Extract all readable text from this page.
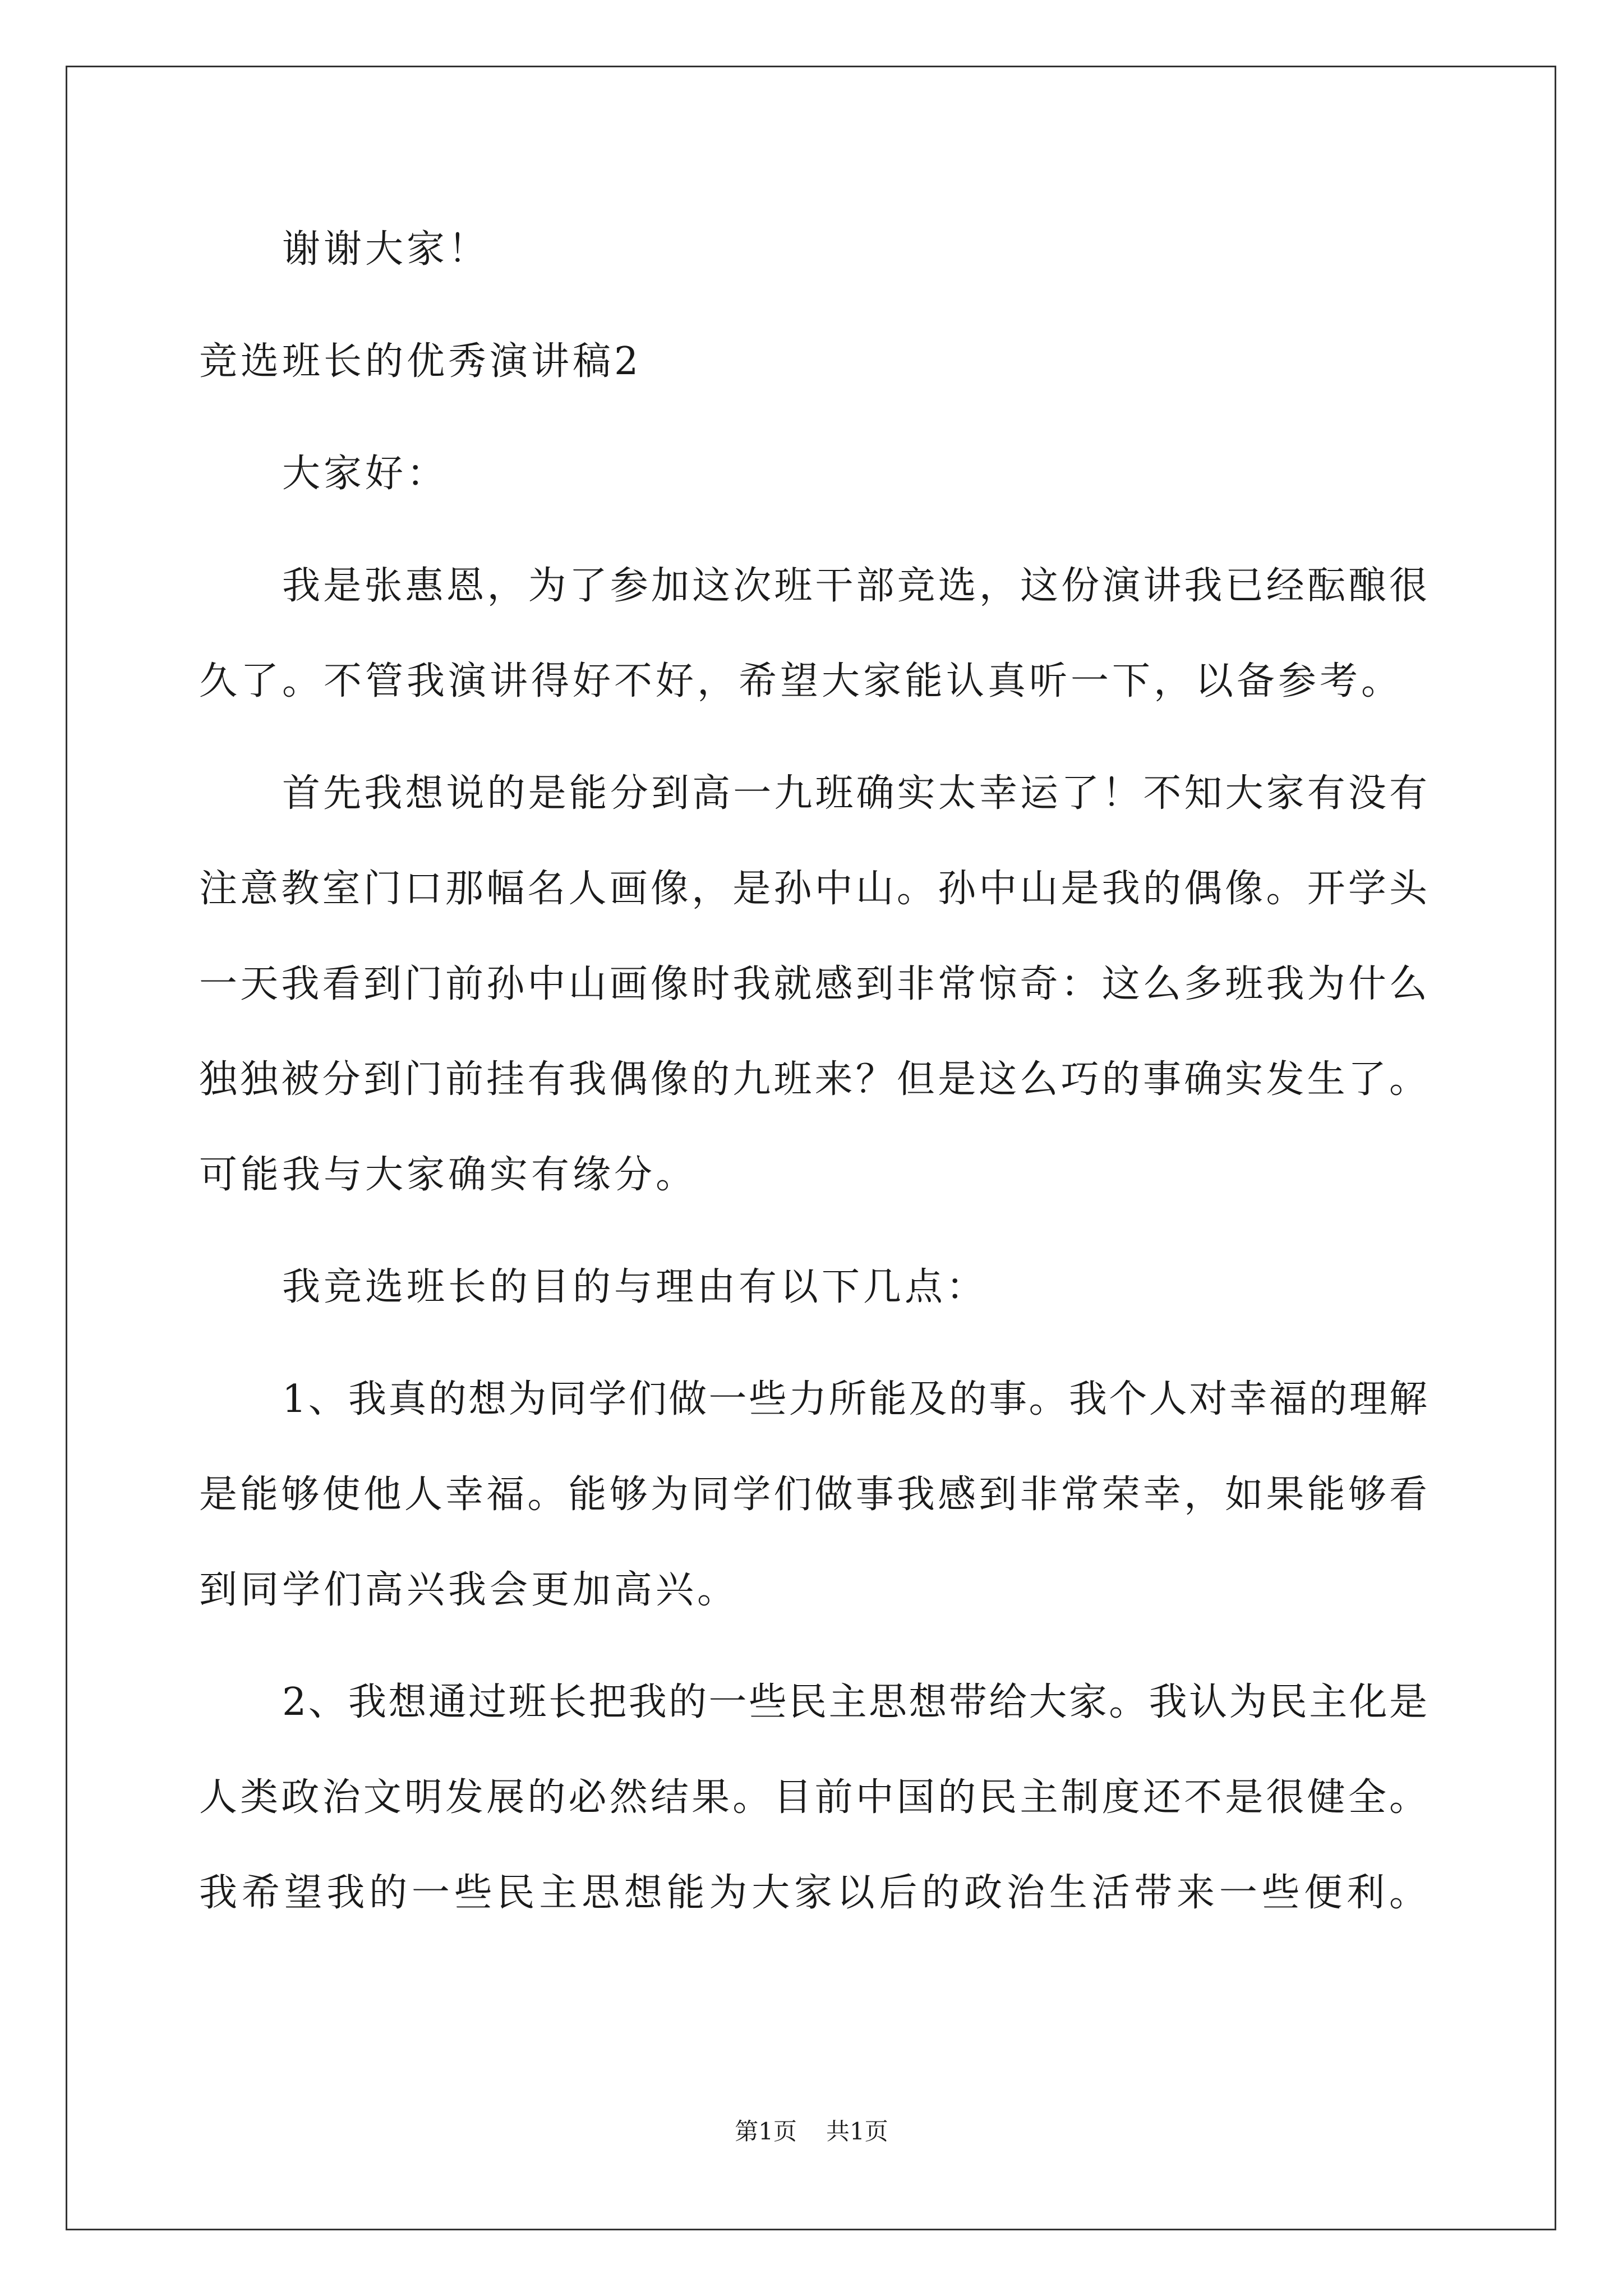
谢谢大家！
竞选班长的优秀演讲稿2
大家好：
我是张惠恩，为了参加这次班干部竞选，这份演讲我已经酝酿很
久了。不管我演讲得好不好，希望大家能认真听一下，以备参考。
首先我想说的是能分到高一九班确实太幸运了！不知大家有没有
注意教室门口那幅名人画像，是孙中山。孙中山是我的偶像。开学头
一天我看到门前孙中山画像时我就感到非常惊奇：这么多班我为什么
独独被分到门前挂有我偶像的九班来？但是这么巧的事确实发生了。
可能我与大家确实有缘分。
我竞选班长的目的与理由有以下几点：
1、我真的想为同学们做一些力所能及的事。我个人对幸福的理解
是能够使他人幸福。能够为同学们做事我感到非常荣幸，如果能够看
到同学们高兴我会更加高兴。
2、我想通过班长把我的一些民主思想带给大家。我认为民主化是
人类政治文明发展的必然结果。目前中国的民主制度还不是很健全。
我希望我的一些民主思想能为大家以后的政治生活带来一些便利。
第1页 共1页
